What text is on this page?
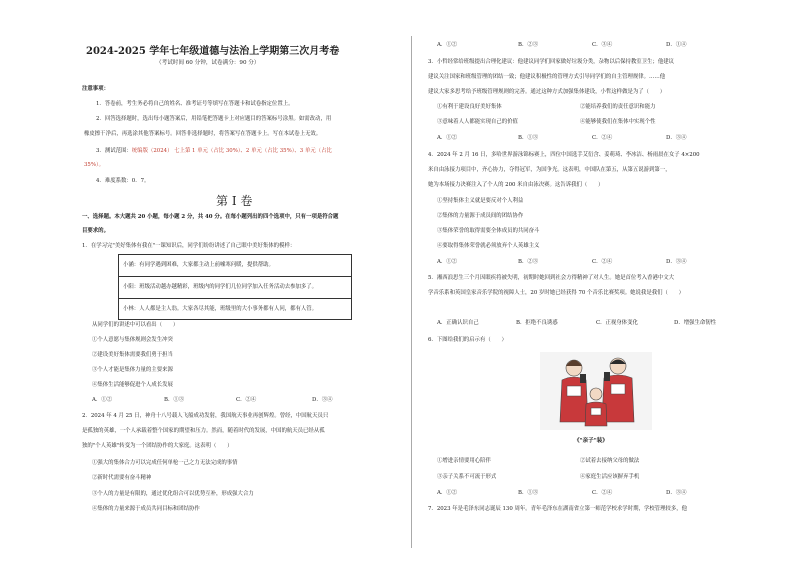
2024-2025 学年七年级道德与法治上学期第三次月考卷
（考试时间 60 分钟，试卷满分：90 分）
注意事项：
1．答卷前，考生务必将自己的姓名、准考证号等填写在答题卡和试卷指定位置上。
2．回答选择题时，选出每小题答案后，用铅笔把答题卡上对应题目的答案标号涂黑。如需改动，用
橡皮擦干净后，再选涂其他答案标号。回答非选择题时，将答案写在答题卡上。写在本试卷上无效。
3．测试范围：统编版（2024） 七上第 1 单元（占比 30%）、2 单元（占比 35%）、3 单元（占比
35%）。
4．难度系数：0．7。
第 I 卷
一、选择题。本大题共 20 小题，每小题 2 分，共 40 分。在每小题列出的四个选项中，只有一项是符合题
目要求的。
1．在学习完"美好集体有我在"一课知识后，同学们纷纷讲述了自己眼中美好集体的模样：
小涵：有同学遇到困难，大家都主动上前嘘寒问暖，提供帮助。
小阳：班级活动越办越精彩，班级内的同学们几位同学加入任务活动去参加多了。
小林：人人都是主人翁。大家各尽其能，班级里的大小事务都有人问，都有人管。
从同学们的讲述中可以看出（　　）
①个人意愿与集体规则会发生冲突
②建设美好集体需要我们勇于担当
③个人才能是集体力量的主要来源
④集体生活能够促进个人成长发展
A．①②	B．①③	C．②④	D．③④
2．2024 年 4 月 25 日，神舟十八号载人飞船成功发射，我国航天事业再创辉煌。曾经，中国航天员只
是孤独的英雄，一个人承载着整个国家的期望和压力。然而，随着时代的发展，中国的航天员已经从孤
独的"个人英雄"转变为一个团结协作的大家庭。这表明（　　）
①强大的集体合力可以完成任何单枪一己之力无法完成的事情
②新时代需要有奋斗精神
③个人的力量是有限的，通过优化组合可以优势互补，形成强大合力
④集体的力量来源于成员共同目标和团结协作
A．①②	B．②③	C．③④	D．①④
3．小哲经常给班级提出合理化建议：他建议同学们回家做好垃圾分类，杂物以后保持教室卫生；他建议
建议关注国家和班级管理的团结一致；他建议积极性的管理方式引导同学们的自主管理规律。……他
建议大家多思考给予班级管理规则的完善。通过这种方式加强集体建设，小哲这样做是为了（　　）
①有利于建设良好美好集体	②能培养我们的责任意识和能力
③意味着人人都能实现自己的价值	④能够使我们在集体中实现个性
A．①②	B．①③	C．②④	D．③④
4．2024 年 2 月 16 日，多哈世界游泳锦标赛上，四位中国选手艾衍含、姜萌琦、李冰洁、杨雨晨在女子 4×200
米自由泳接力项目中，齐心协力，夺得冠军，为国争光。这表明，中国队在第五，从第五说游到第一，
她为本场接力决赛注入了个人的 200 米自由泳决赛。这告诉我们（　　）
①坚持集体主义就是要反对个人利益
②集体的力量源于成员间的团结协作
③集体荣誉的取得需要全体成员的共同奋斗
④要取得集体荣誉就必须放弃个人英雄主义
A．①②	B．②③	C．②④	D．③④
5．湘西浪思生三个月因眼疾将被失明，初期时她回到社会方得精神了对人生。她是首位考入香港中文大
学音乐系和英国皇家音乐学院的视障人士，20 岁时她已经获得 70 个音乐比赛奖项。她说我是我们（　　）
A．正确认识自己	B．拒绝不良诱惑	C．正视身体变化	D．增强生命韧性
6．下图给我们的启示有（　　）
《"亲子"装》
①增进亲情要用心陪伴	②试着去接纳父母的做法
③亲子关系不可流于形式	④家庭生活应该摒弃手机
A．①②	B．①③	C．②④	D．③④
7．2023 年是毛泽东同志诞辰 130 周年。青年毛泽东在湖南省立第一师范学校求学时期，学校管理较多，他
